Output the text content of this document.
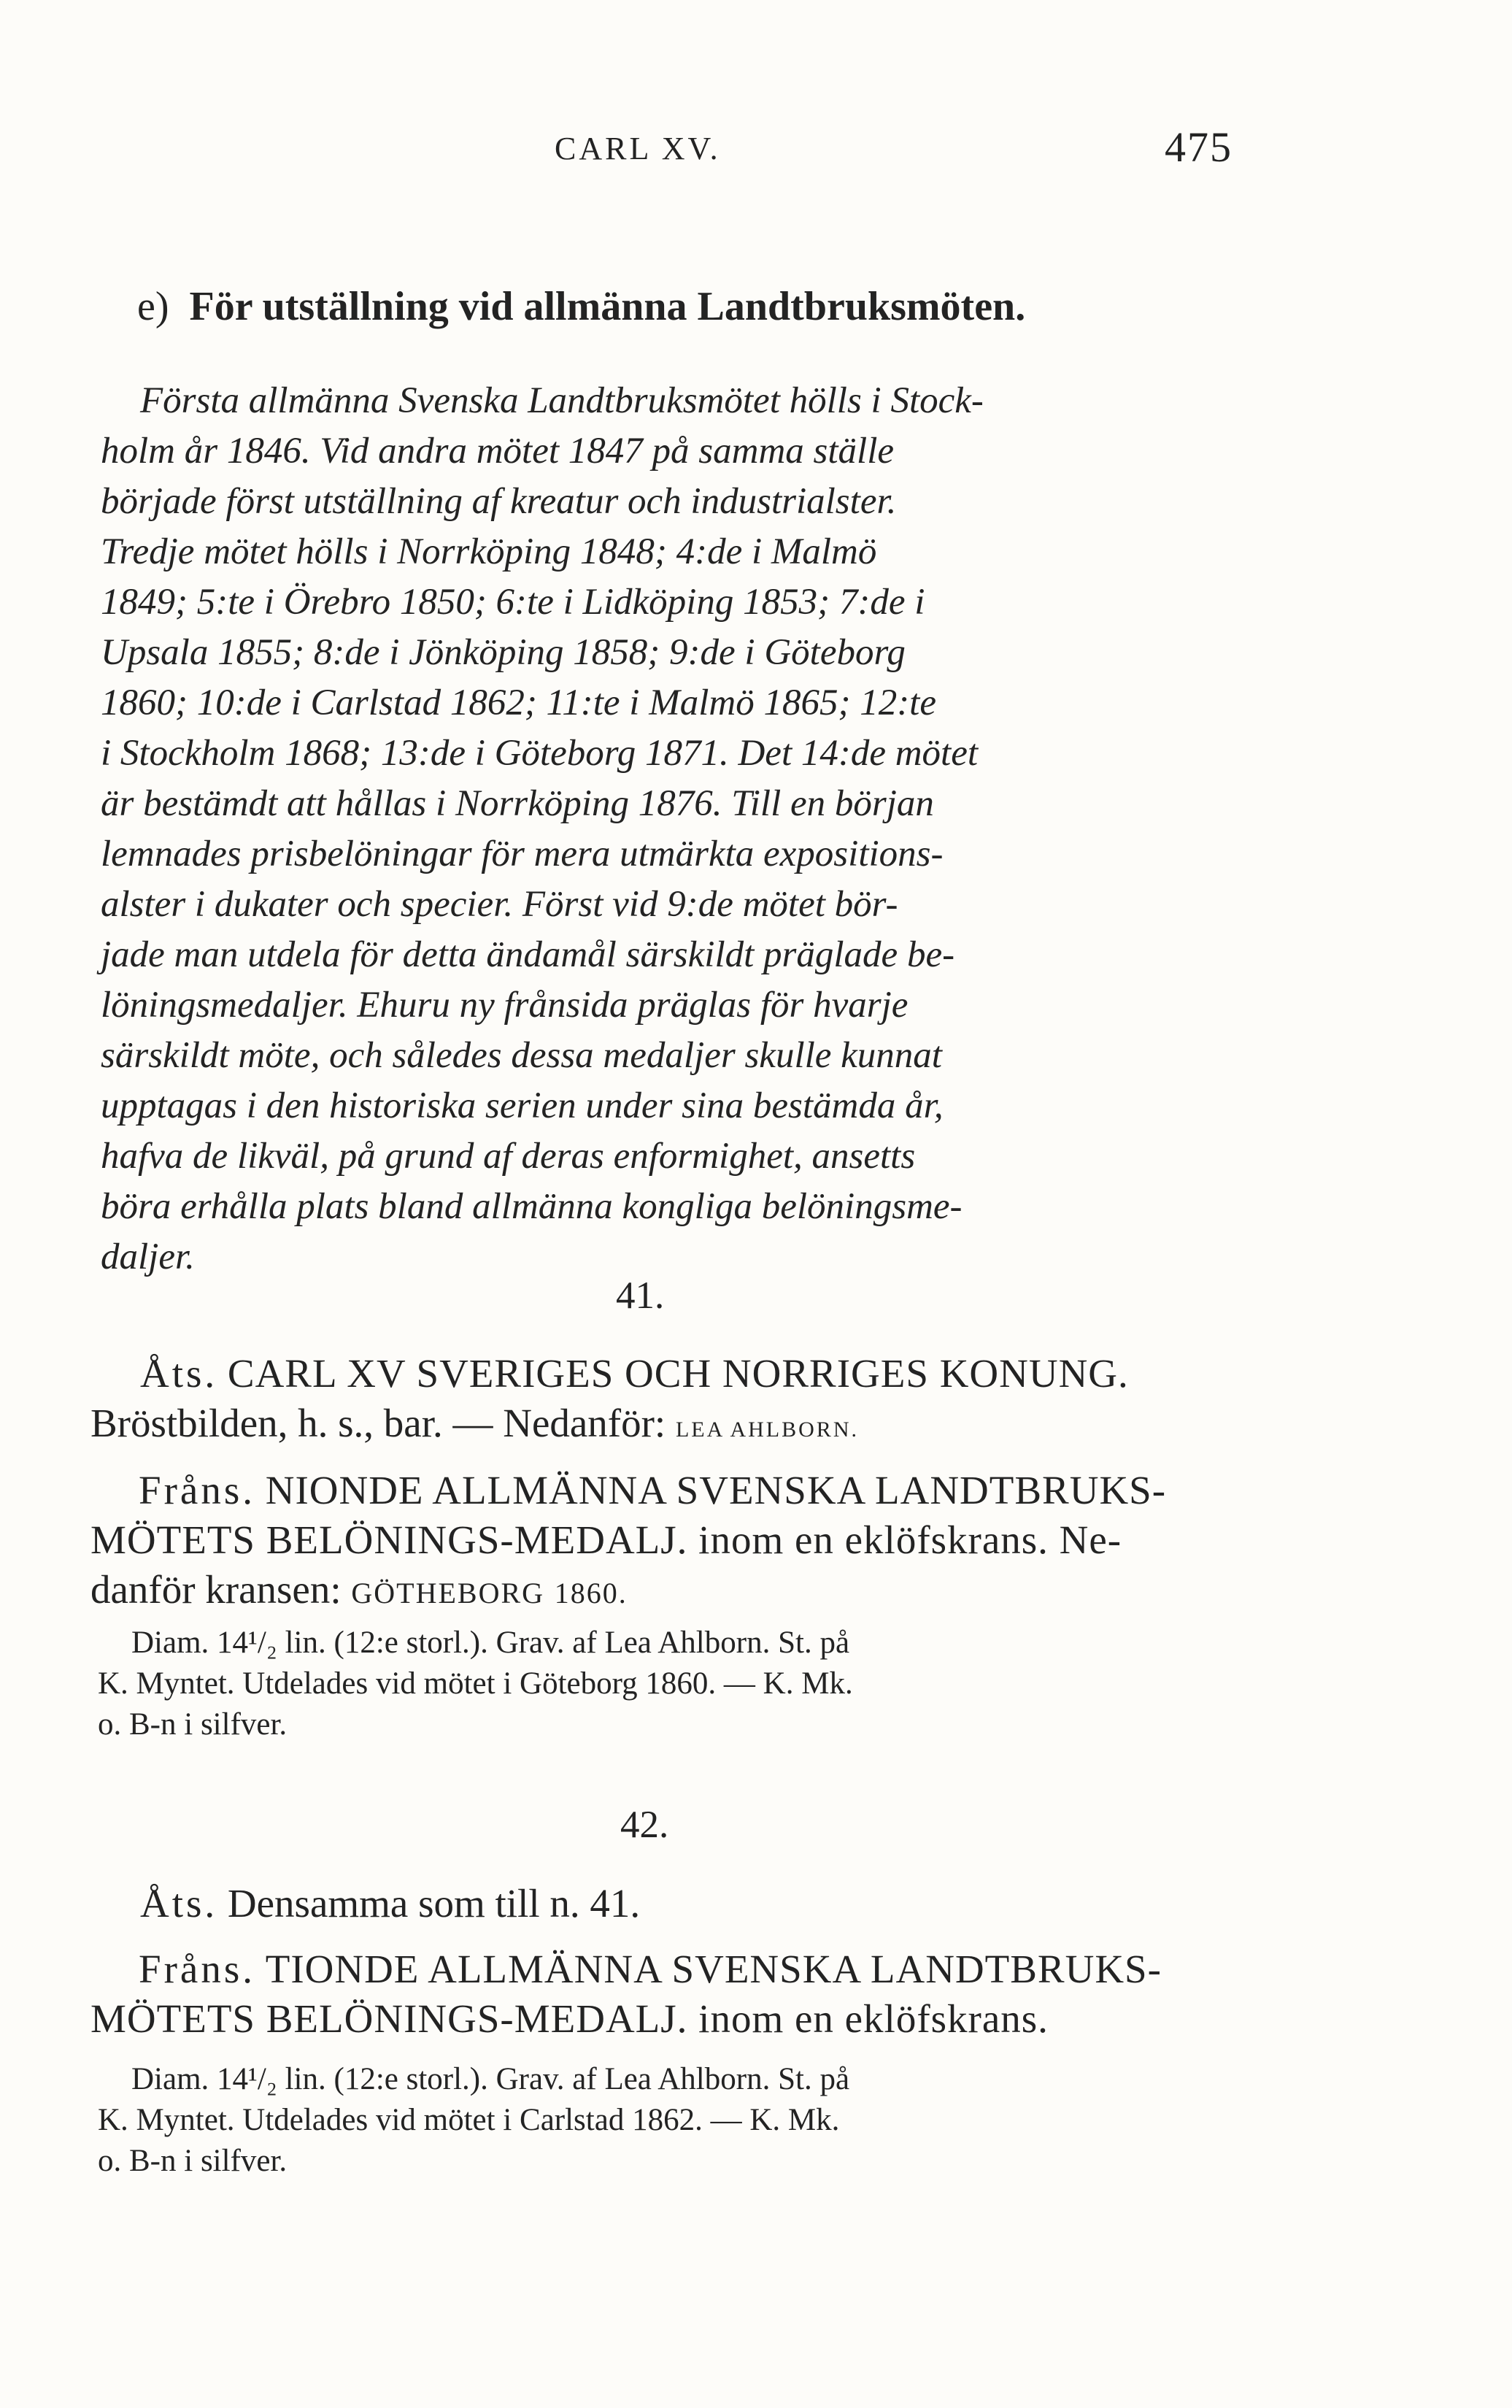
CARL XV.	475
e) För utställning vid allmänna Landtbruksmöten.
Första allmänna Svenska Landtbruksmötet hölls i Stock-
holm år 1846. Vid andra mötet 1847 på samma ställe
började först utställning af kreatur och industrialster.
Tredje mötet hölls i Norrköping 1848; 4:de i Malmö
1849; 5:te i Örebro 1850; 6:te i Lidköping 1853; 7:de i
Upsala 1855; 8:de i Jönköping 1858; 9:de i Göteborg
1860; 10:de i Carlstad 1862; 11:te i Malmö 1865; 12:te
i Stockholm 1868; 13:de i Göteborg 1871. Det 14:de mötet
är bestämdt att hållas i Norrköping 1876. Till en början
lemnades prisbelöningar för mera utmärkta expositions-
alster i dukater och specier. Först vid 9:de mötet bör-
jade man utdela för detta ändamål särskildt präglade be-
löningsmedaljer. Ehuru ny frånsida präglas för hvarje
särskildt möte, och således dessa medaljer skulle kunnat
upptagas i den historiska serien under sina bestämda år,
hafva de likväl, på grund af deras enformighet, ansetts
böra erhålla plats bland allmänna kongliga belöningsme-
daljer.
41.
Åts. CARL XV SVERIGES OCH NORRIGES KONUNG.
Bröstbilden, h. s., bar. — Nedanför: LEA AHLBORN.
Fråns. NIONDE ALLMÄNNA SVENSKA LANDTBRUKS-
MÖTETS BELÖNINGS-MEDALJ. inom en eklöfskrans. Ne-
danför kransen: GÖTHEBORG 1860.
Diam. 14¹/₂ lin. (12:e storl.). Grav. af Lea Ahlborn. St. på
K. Myntet. Utdelades vid mötet i Göteborg 1860. — K. Mk.
o. B-n i silfver.
42.
Åts. Densamma som till n. 41.
Fråns. TIONDE ALLMÄNNA SVENSKA LANDTBRUKS-
MÖTETS BELÖNINGS-MEDALJ. inom en eklöfskrans.
Diam. 14¹/₂ lin. (12:e storl.). Grav. af Lea Ahlborn. St. på
K. Myntet. Utdelades vid mötet i Carlstad 1862. — K. Mk.
o. B-n i silfver.
